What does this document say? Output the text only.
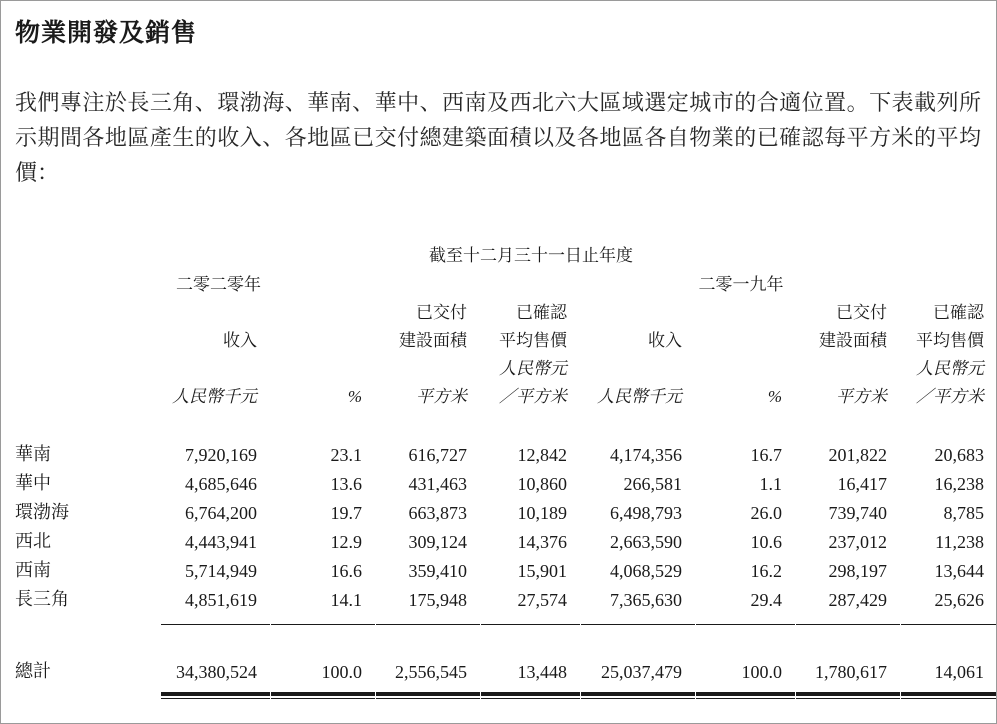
物業開發及銷售
我們專注於長三角、環渤海、華南、華中、西南及西北六大區域選定城市的合適位置。下表載列所示期間各地區產生的收入、各地區已交付總建築面積以及各地區各自物業的已確認每平方米的平均價：
	截至十二月三十一日止年度							
	二零二零年				二零一九年			
			已交付	已確認			已交付	已確認
	收入		建設面積	平均售價	收入		建設面積	平均售價
				人民幣元				人民幣元
	人民幣千元	%	平方米	／平方米	人民幣千元	%	平方米	／平方米

華南	7,920,169	23.1	616,727	12,842	4,174,356	16.7	201,822	20,683
華中	4,685,646	13.6	431,463	10,860	266,581	1.1	16,417	16,238
環渤海	6,764,200	19.7	663,873	10,189	6,498,793	26.0	739,740	8,785
西北	4,443,941	12.9	309,124	14,376	2,663,590	10.6	237,012	11,238
西南	5,714,949	16.6	359,410	15,901	4,068,529	16.2	298,197	13,644
長三角	4,851,619	14.1	175,948	27,574	7,365,630	29.4	287,429	25,626

總計	34,380,524	100.0	2,556,545	13,448	25,037,479	100.0	1,780,617	14,061
